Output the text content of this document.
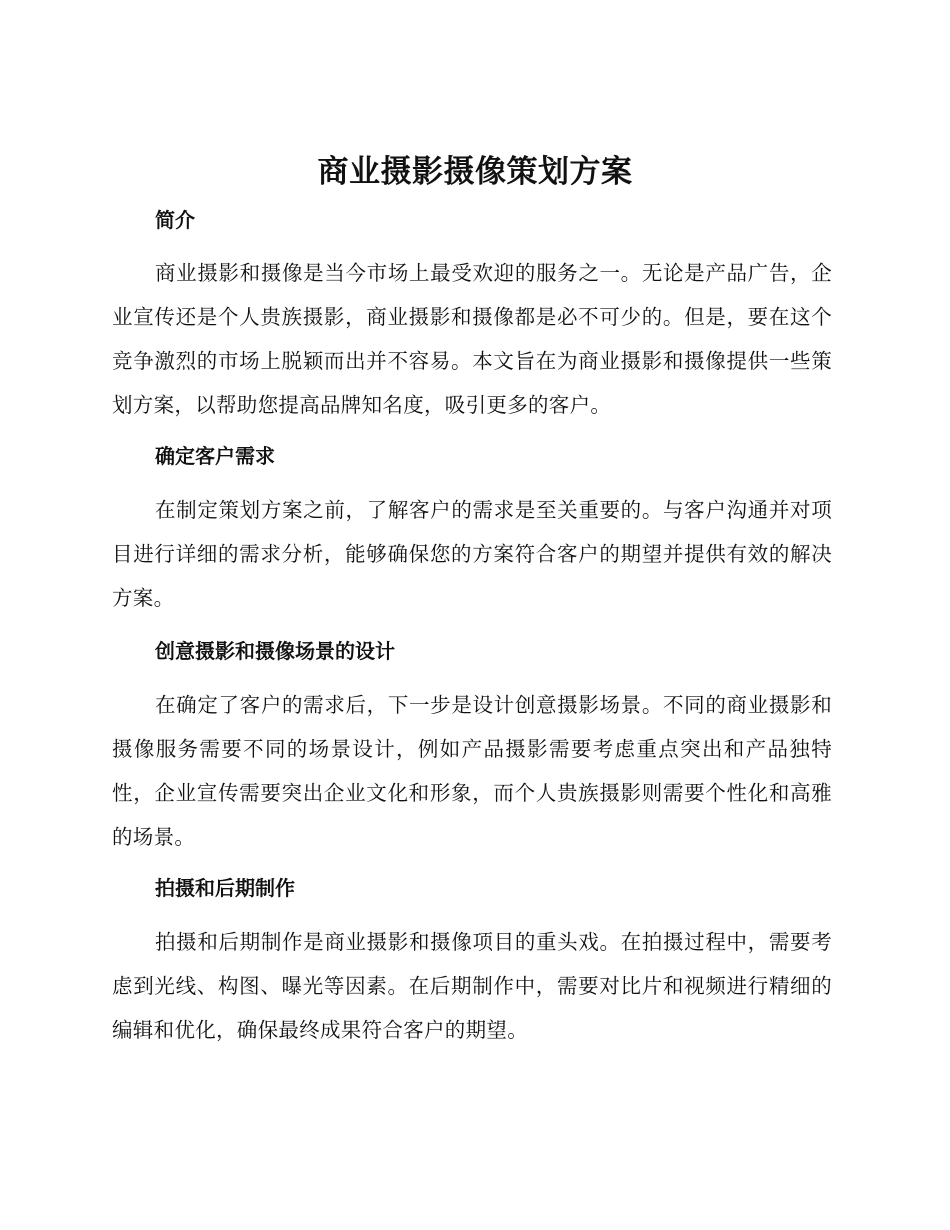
商业摄影摄像策划方案
简介

商业摄影和摄像是当今市场上最受欢迎的服务之一。无论是产品广告，企业宣传还是个人贵族摄影，商业摄影和摄像都是必不可少的。但是，要在这个竞争激烈的市场上脱颖而出并不容易。本文旨在为商业摄影和摄像提供一些策划方案，以帮助您提高品牌知名度，吸引更多的客户。

确定客户需求

在制定策划方案之前，了解客户的需求是至关重要的。与客户沟通并对项目进行详细的需求分析，能够确保您的方案符合客户的期望并提供有效的解决方案。

创意摄影和摄像场景的设计

在确定了客户的需求后，下一步是设计创意摄影场景。不同的商业摄影和摄像服务需要不同的场景设计，例如产品摄影需要考虑重点突出和产品独特性，企业宣传需要突出企业文化和形象，而个人贵族摄影则需要个性化和高雅的场景。

拍摄和后期制作

拍摄和后期制作是商业摄影和摄像项目的重头戏。在拍摄过程中，需要考虑到光线、构图、曝光等因素。在后期制作中，需要对比片和视频进行精细的编辑和优化，确保最终成果符合客户的期望。
